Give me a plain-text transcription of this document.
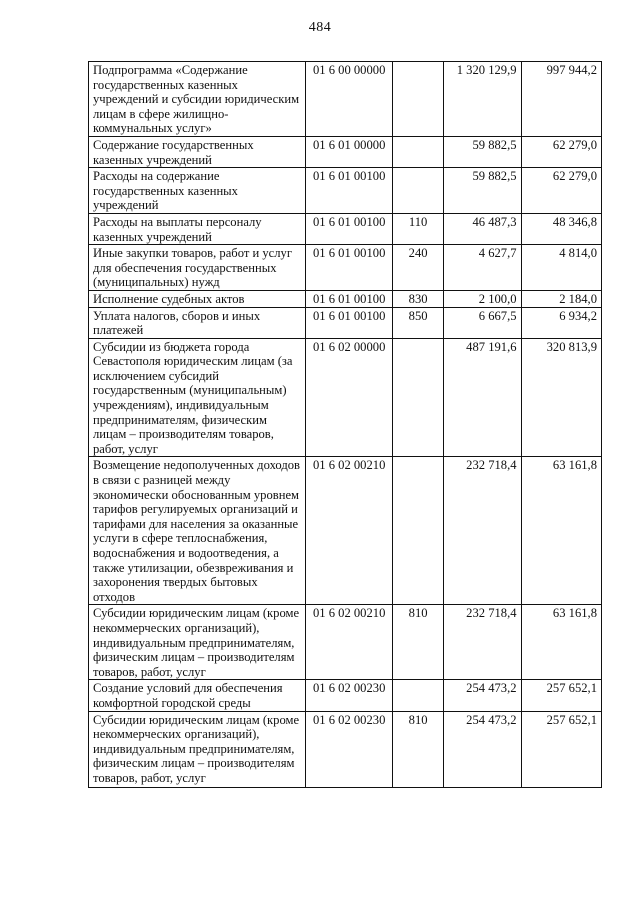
484
Подпрограмма «Содержание государственных казенных учреждений и субсидии юридическим лицам в сфере жилищно-коммунальных услуг»	01 6 00 00000		1 320 129,9	997 944,2
Содержание государственных казенных учреждений	01 6 01 00000		59 882,5	62 279,0
Расходы на содержание государственных казенных учреждений	01 6 01 00100		59 882,5	62 279,0
Расходы на выплаты персоналу казенных учреждений	01 6 01 00100	110	46 487,3	48 346,8
Иные закупки товаров, работ и услуг для обеспечения государственных (муниципальных) нужд	01 6 01 00100	240	4 627,7	4 814,0
Исполнение судебных актов	01 6 01 00100	830	2 100,0	2 184,0
Уплата налогов, сборов и иных платежей	01 6 01 00100	850	6 667,5	6 934,2
Субсидии из бюджета города Севастополя юридическим лицам (за исключением субсидий государственным (муниципальным) учреждениям), индивидуальным предпринимателям, физическим лицам – производителям товаров, работ, услуг	01 6 02 00000		487 191,6	320 813,9
Возмещение недополученных доходов в связи с разницей между экономически обоснованным уровнем тарифов регулируемых организаций и тарифами для населения за оказанные услуги в сфере теплоснабжения, водоснабжения и водоотведения, а также утилизации, обезвреживания и захоронения твердых бытовых отходов	01 6 02 00210		232 718,4	63 161,8
Субсидии юридическим лицам (кроме некоммерческих организаций), индивидуальным предпринимателям, физическим лицам – производителям товаров, работ, услуг	01 6 02 00210	810	232 718,4	63 161,8
Создание условий для обеспечения комфортной городской среды	01 6 02 00230		254 473,2	257 652,1
Субсидии юридическим лицам (кроме некоммерческих организаций), индивидуальным предпринимателям, физическим лицам – производителям товаров, работ, услуг	01 6 02 00230	810	254 473,2	257 652,1
